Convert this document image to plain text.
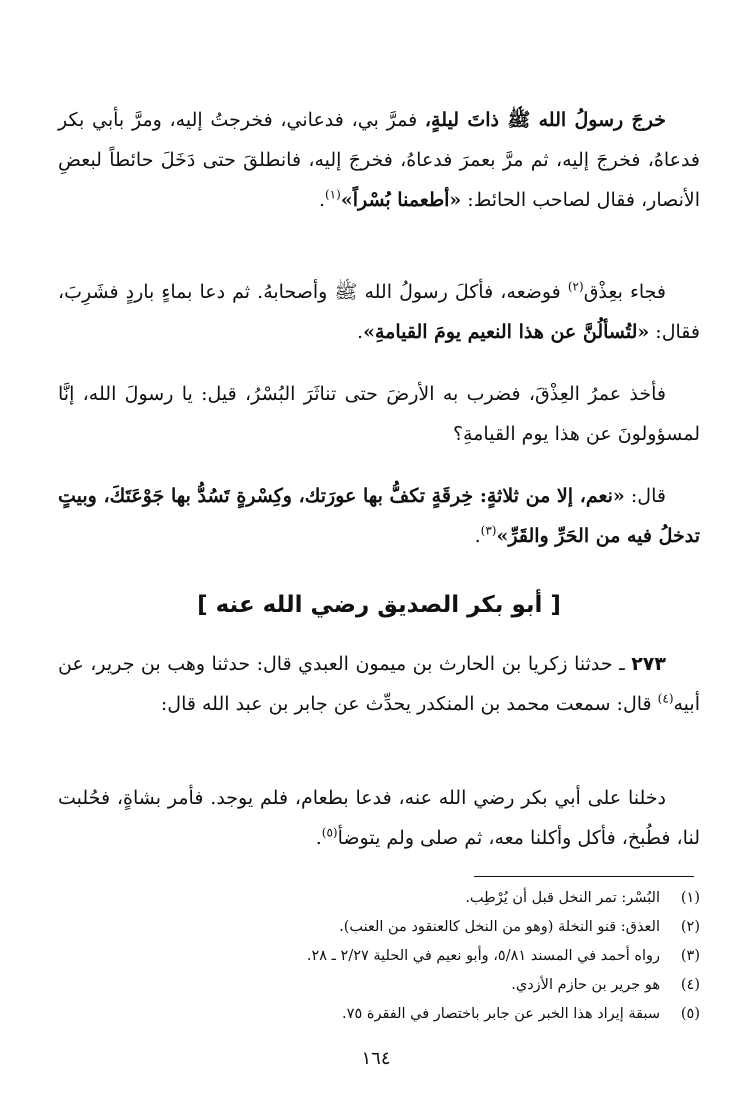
خرجَ رسولُ الله ﷺ ذاتَ ليلةٍ، فمرَّ بي، فدعاني، فخرجتُ إليه، ومرَّ بأبي بكر فدعاهُ، فخرجَ إليه، ثم مرَّ بعمرَ فدعاهُ، فخرجَ إليه، فانطلقَ حتى دَخَلَ حائطاً لبعضِ الأنصار، فقال لصاحب الحائط: «أطعمنا بُسْراً»$^{(١)}$.

فجاء بعِذْق$^{(٢)}$ فوضعه، فأكلَ رسولُ الله ﷺ وأصحابهُ. ثم دعا بماءٍ باردٍ فشَرِبَ، فقال: «لتُسألُنَّ عن هذا النعيم يومَ القيامةِ».

فأخذ عمرُ العِذْقَ، فضرب به الأرضَ حتى تناثَرَ البُسْرُ، قيل: يا رسولَ الله، إنَّا لمسؤولونَ عن هذا يوم القيامةِ؟

قال: «نعم، إلا من ثلاثةٍ: خِرقَةٍ تكفُّ بها عورَتك، وكِسْرةٍ تَسُدُّ بها جَوْعَتَكَ، وبيتٍ تدخلُ فيه من الحَرِّ والقَرِّ»$^{(٣)}$.

[ أبو بكر الصديق رضي الله عنه ]

٢٧٣ ـ حدثنا زكريا بن الحارث بن ميمون العبدي قال: حدثنا وهب بن جرير، عن أبيه$^{(٤)}$ قال: سمعت محمد بن المنكدر يحدِّث عن جابر بن عبد الله قال:

دخلنا على أبي بكر رضي الله عنه، فدعا بطعام، فلم يوجد. فأمر بشاةٍ، فحُلبت لنا، فطُبخ، فأكل وأكلنا معه، ثم صلى ولم يتوضأ$^{(٥)}$.

(١)
البُسْر: تمر النخل قبل أن يُرْطِب.
(٢)
العذق: قنو النخلة (وهو من النخل كالعنقود من العنب).
(٣)
رواه أحمد في المسند ٥/٨١، وأبو نعيم في الحلية ٢/٢٧ ـ ٢٨.
(٤)
هو جرير بن حازم الأزدي.
(٥)
سبقة إيراد هذا الخبر عن جابر باختصار في الفقرة ٧٥.
١٦٤
